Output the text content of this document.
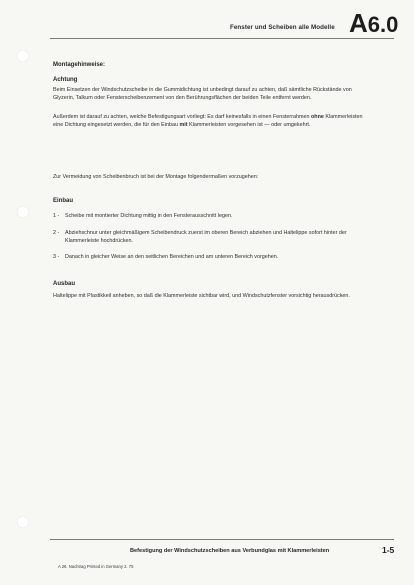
Fenster und Scheiben alle Modelle A6.0
Montagehinweise:
Achtung
Beim Einsetzen der Windschutzscheibe in die Gummidichtung ist unbedingt darauf zu achten, daß sämtliche Rückstände von Glyzerin, Talkum oder Fensterscheibenzement von den Berührungsflächen der beiden Teile entfernt werden.
Außerdem ist darauf zu achten, welche Befestigungsart vorliegt: Es darf keinesfalls in einen Fensterrahmen ohne Klammerleisten eine Dichtung eingesetzt werden, die für den Einbau mit Klammerleisten vorgesehen ist — oder umgekehrt.
Zur Vermeidung von Scheibenbruch ist bei der Montage folgendermaßen vorzugehen:
Einbau
1 - Scheibe mit montierter Dichtung mittig in den Fensterausschnitt legen.
2 - Abziehschnur unter gleichmäßigem Scheibendruck zuerst im oberen Bereich abziehen und Haltelippe sofort hinter der Klammerleiste hochdrücken.
3 - Danach in gleicher Weise an den seitlichen Bereichen und am unteren Bereich vorgehen.
Ausbau
Haltelippe mit Plastikkeil anheben, so daß die Klammerleiste sichtbar wird, und Windschutzfenster vorsichtig herausdrücken.
Befestigung der Windschutzscheiben aus Verbundglas mit Klammerleisten	1-5
A 26. Nachtrag Printed in Germany 2. 75
